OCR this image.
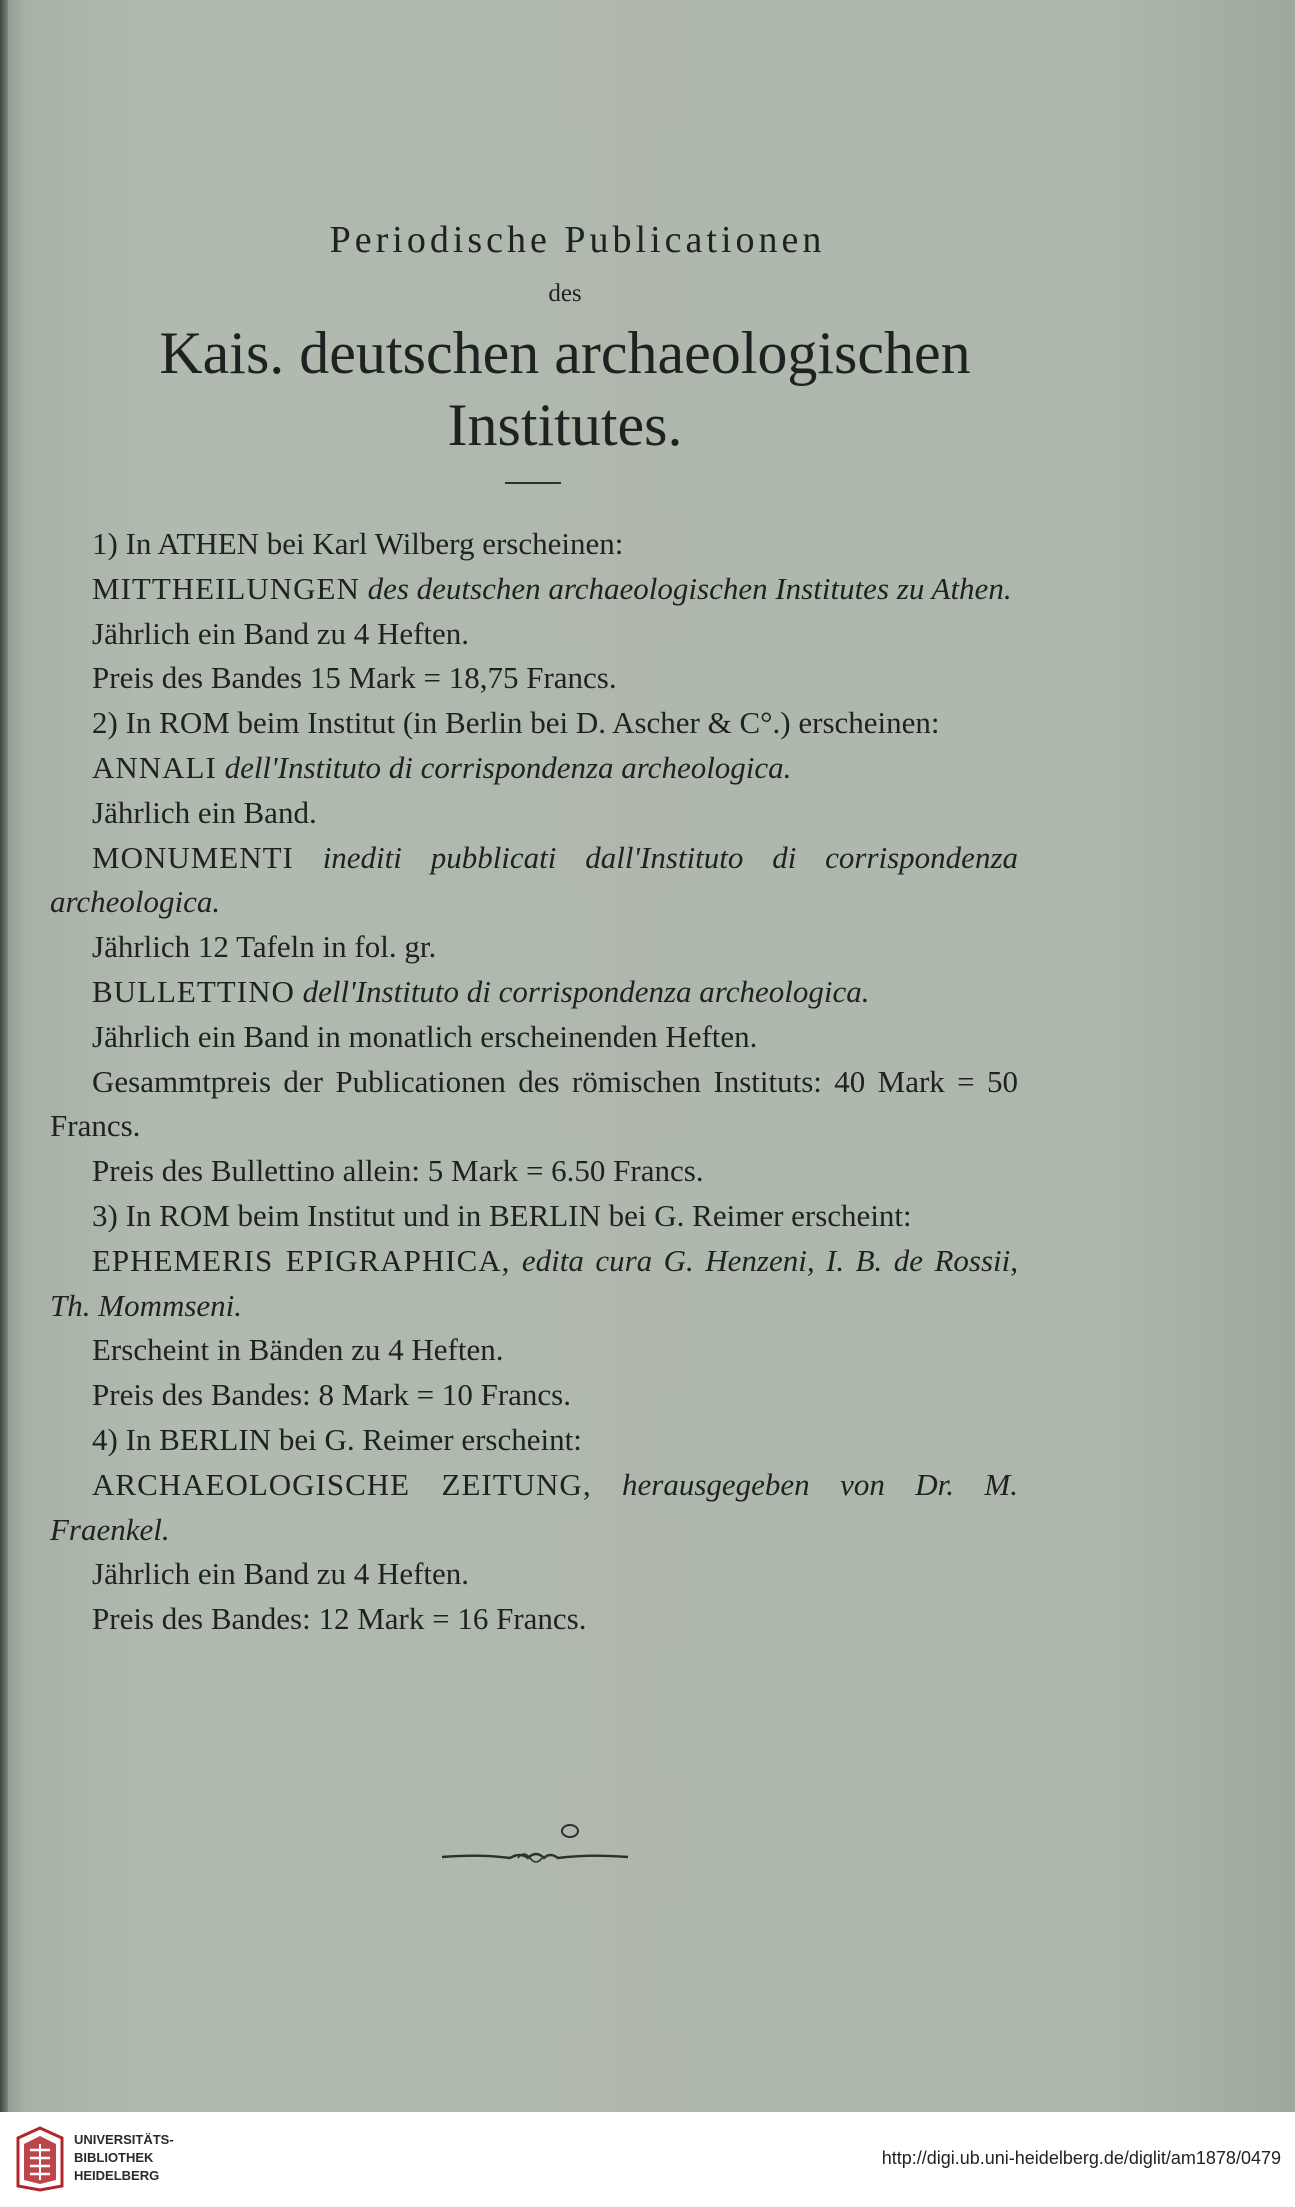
Periodische Publicationen
des
Kais. deutschen archaeologischen
Institutes.

1) In ATHEN bei Karl Wilberg erscheinen:

MITTHEILUNGEN des deutschen archaeologischen Institutes zu Athen.

Jährlich ein Band zu 4 Heften.

Preis des Bandes 15 Mark = 18,75 Francs.

2) In ROM beim Institut (in Berlin bei D. Ascher & C°.) erscheinen:

ANNALI dell'Instituto di corrispondenza archeologica.

Jährlich ein Band.

MONUMENTI inediti pubblicati dall'Instituto di corrispondenza archeologica.

Jährlich 12 Tafeln in fol. gr.

BULLETTINO dell'Instituto di corrispondenza archeologica.

Jährlich ein Band in monatlich erscheinenden Heften.

Gesammtpreis der Publicationen des römischen Instituts: 40 Mark = 50 Francs.

Preis des Bullettino allein: 5 Mark = 6.50 Francs.

3) In ROM beim Institut und in BERLIN bei G. Reimer erscheint:

EPHEMERIS EPIGRAPHICA, edita cura G. Henzeni, I. B. de Rossii, Th. Mommseni.

Erscheint in Bänden zu 4 Heften.

Preis des Bandes: 8 Mark = 10 Francs.

4) In BERLIN bei G. Reimer erscheint:

ARCHAEOLOGISCHE ZEITUNG, herausgegeben von Dr. M. Fraenkel.

Jährlich ein Band zu 4 Heften.

Preis des Bandes: 12 Mark = 16 Francs.

UNIVERSITÄTS-
BIBLIOTHEK
HEIDELBERG
http://digi.ub.uni-heidelberg.de/diglit/am1878/0479
